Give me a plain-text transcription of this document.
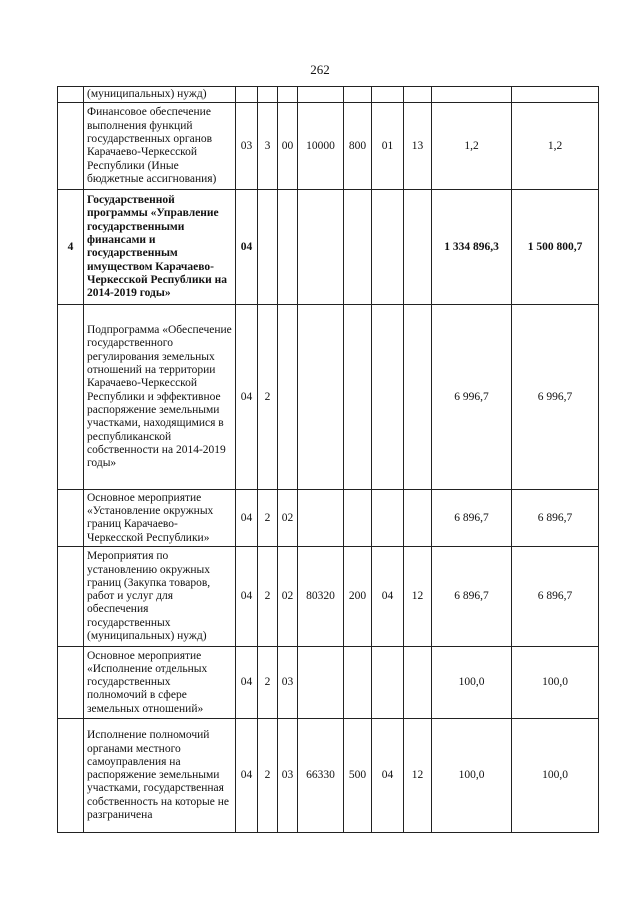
262
	(муниципальных) нужд)									
	Финансовое обеспечение выполнения функций государственных органов Карачаево-Черкесской Республики (Иные бюджетные ассигнования)	03	3	00	10000	800	01	13	1,2	1,2
4	Государственной программы «Управление государственными финансами и государственным имуществом Карачаево-Черкесской Республики на 2014-2019 годы»	04							1 334 896,3	1 500 800,7
	Подпрограмма «Обеспечение государственного регулирования земельных отношений на территории Карачаево-Черкесской Республики и эффективное распоряжение земельными участками, находящимися в республиканской собственности на 2014-2019 годы»	04	2						6 996,7	6 996,7
	Основное мероприятие «Установление окружных границ Карачаево-Черкесской Республики»	04	2	02					6 896,7	6 896,7
	Мероприятия по установлению окружных границ (Закупка товаров, работ и услуг для обеспечения государственных (муниципальных) нужд)	04	2	02	80320	200	04	12	6 896,7	6 896,7
	Основное мероприятие «Исполнение отдельных государственных полномочий в сфере земельных отношений»	04	2	03					100,0	100,0
	Исполнение полномочий органами местного самоуправления на распоряжение земельными участками, государственная собственность на которые не разграничена	04	2	03	66330	500	04	12	100,0	100,0
